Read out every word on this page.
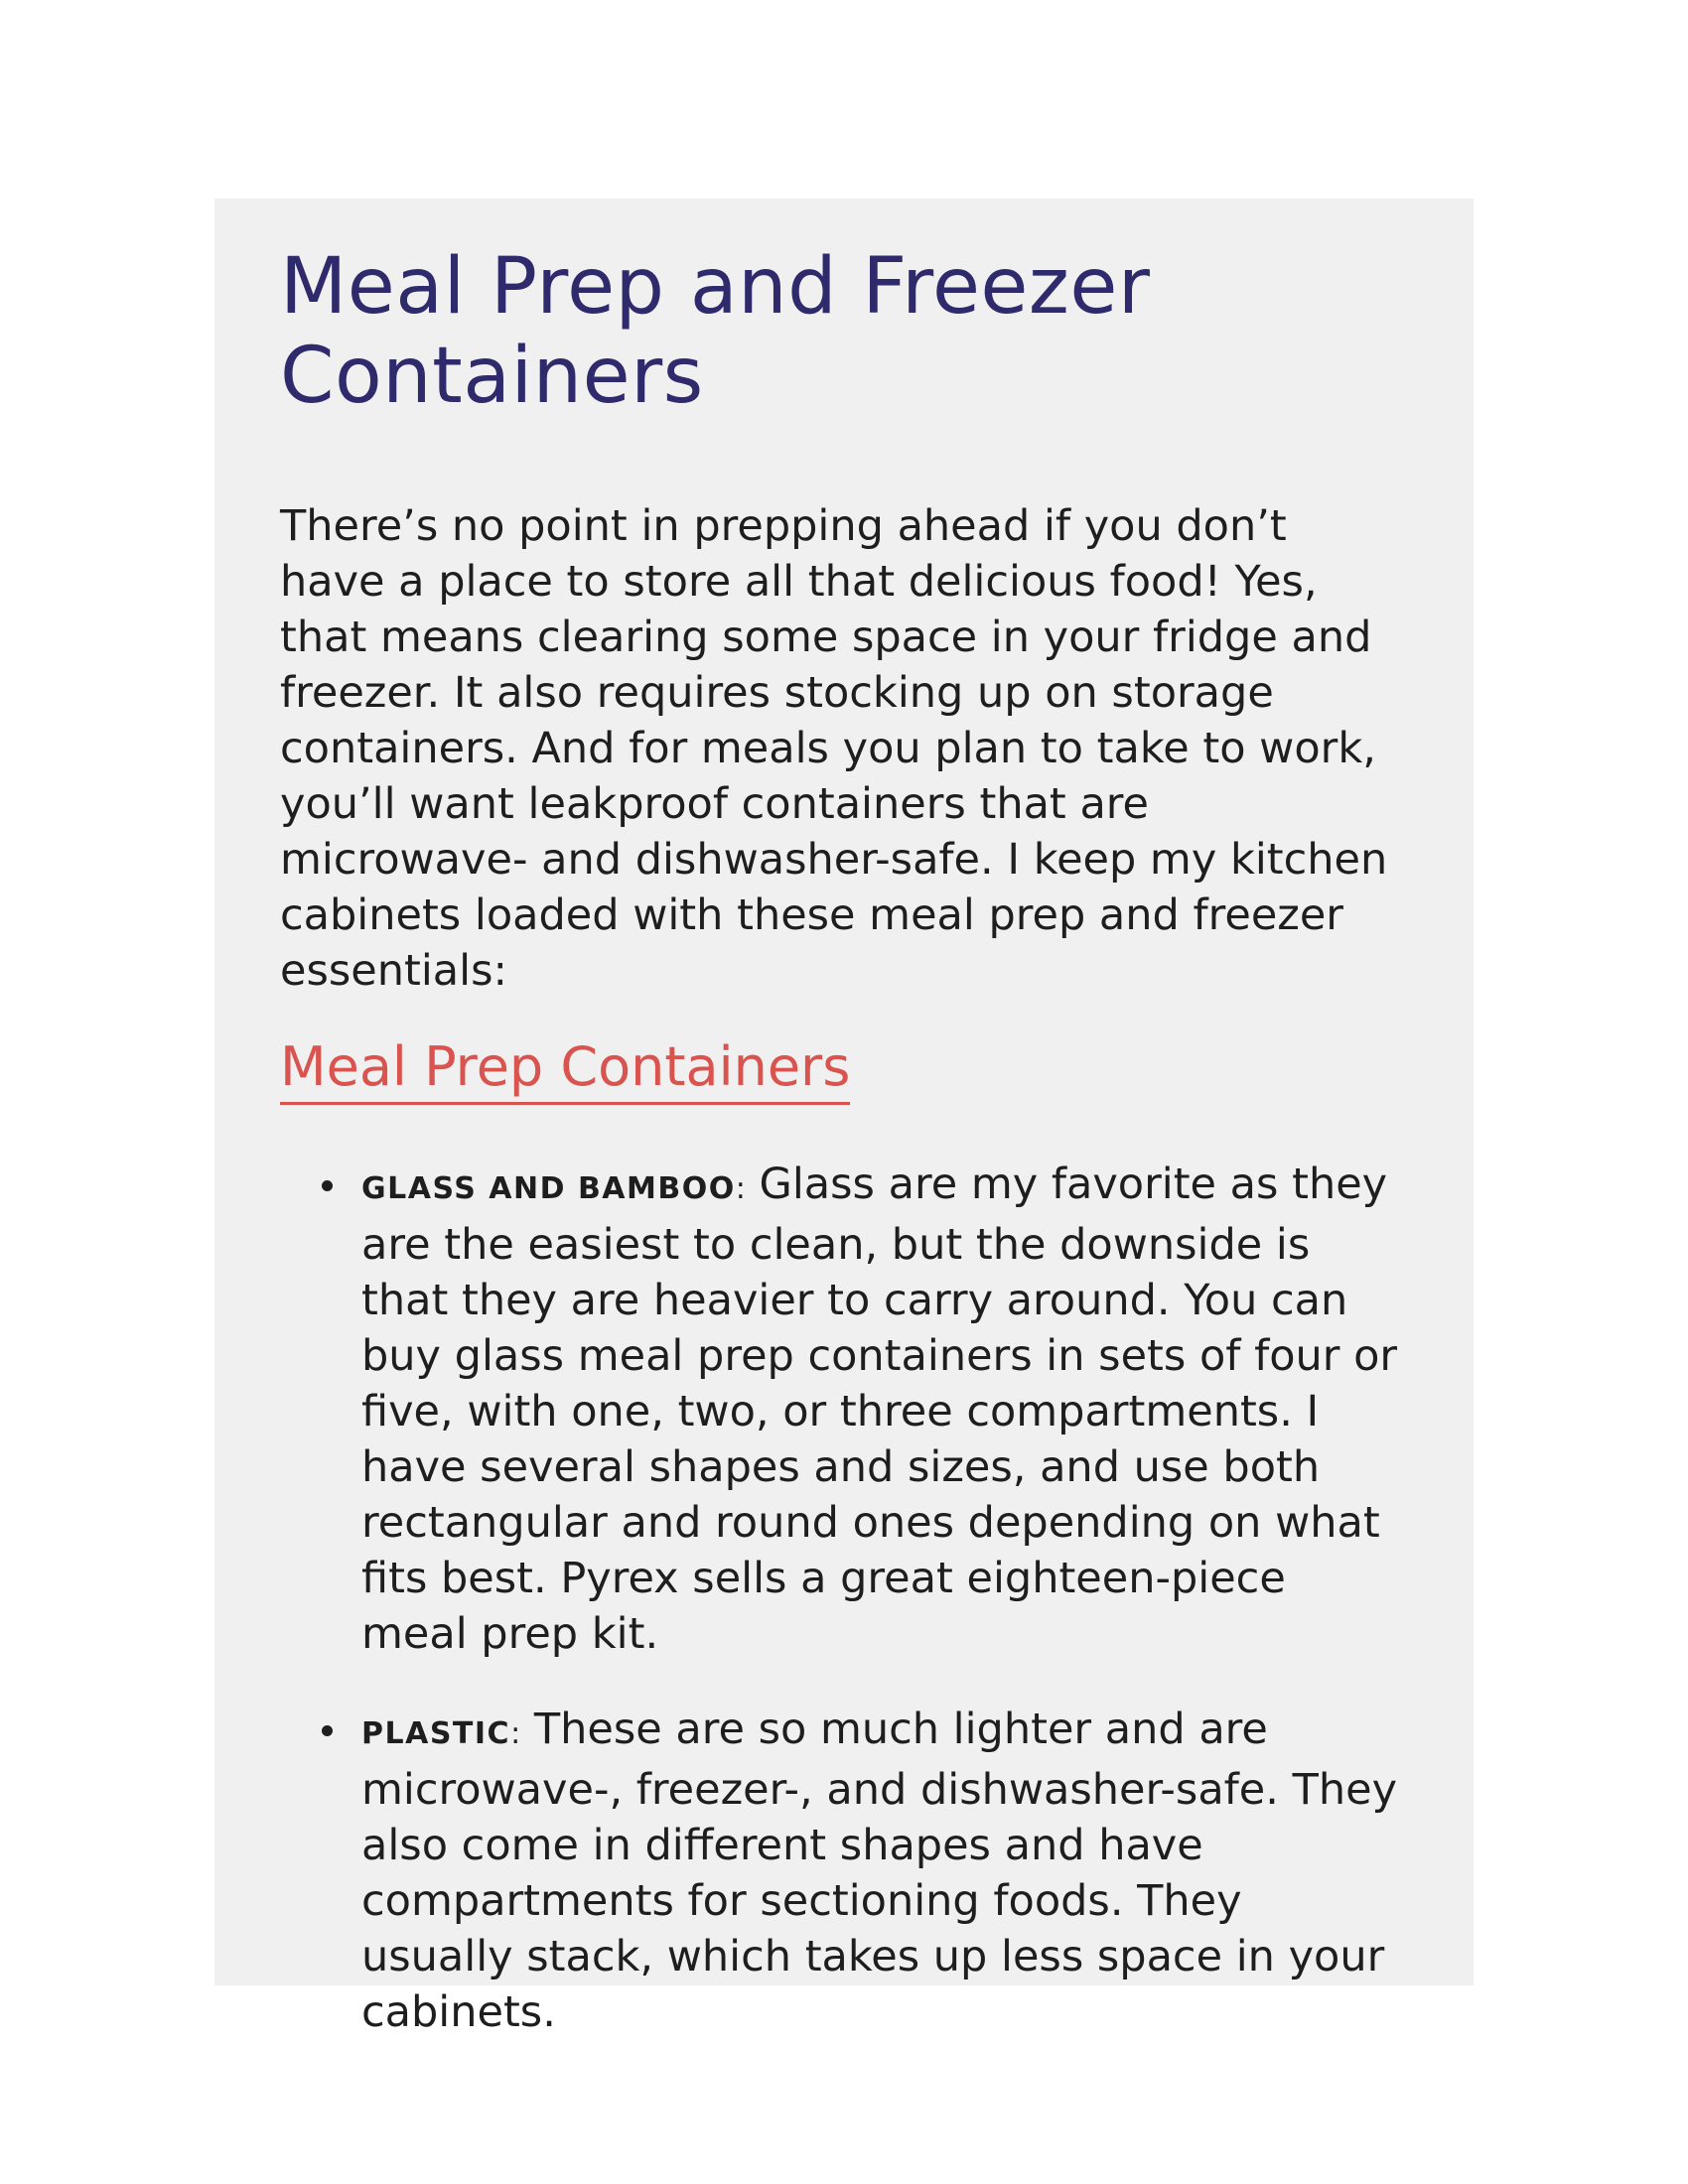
Meal Prep and Freezer Containers

There’s no point in prepping ahead if you don’t have a place to store all that delicious food! Yes, that means clearing some space in your fridge and freezer. It also requires stocking up on storage containers. And for meals you plan to take to work, you’ll want leakproof containers that are microwave- and dishwasher-safe. I keep my kitchen cabinets loaded with these meal prep and freezer essentials:

Meal Prep Containers
GLASS AND BAMBOO: Glass are my favorite as they are the easiest to clean, but the downside is that they are heavier to carry around. You can buy glass meal prep containers in sets of four or five, with one, two, or three compartments. I have several shapes and sizes, and use both rectangular and round ones depending on what fits best. Pyrex sells a great eighteen-piece meal prep kit.
PLASTIC: These are so much lighter and are microwave-, freezer-, and dishwasher-safe. They also come in different shapes and have compartments for sectioning foods. They usually stack, which takes up less space in your cabinets.
